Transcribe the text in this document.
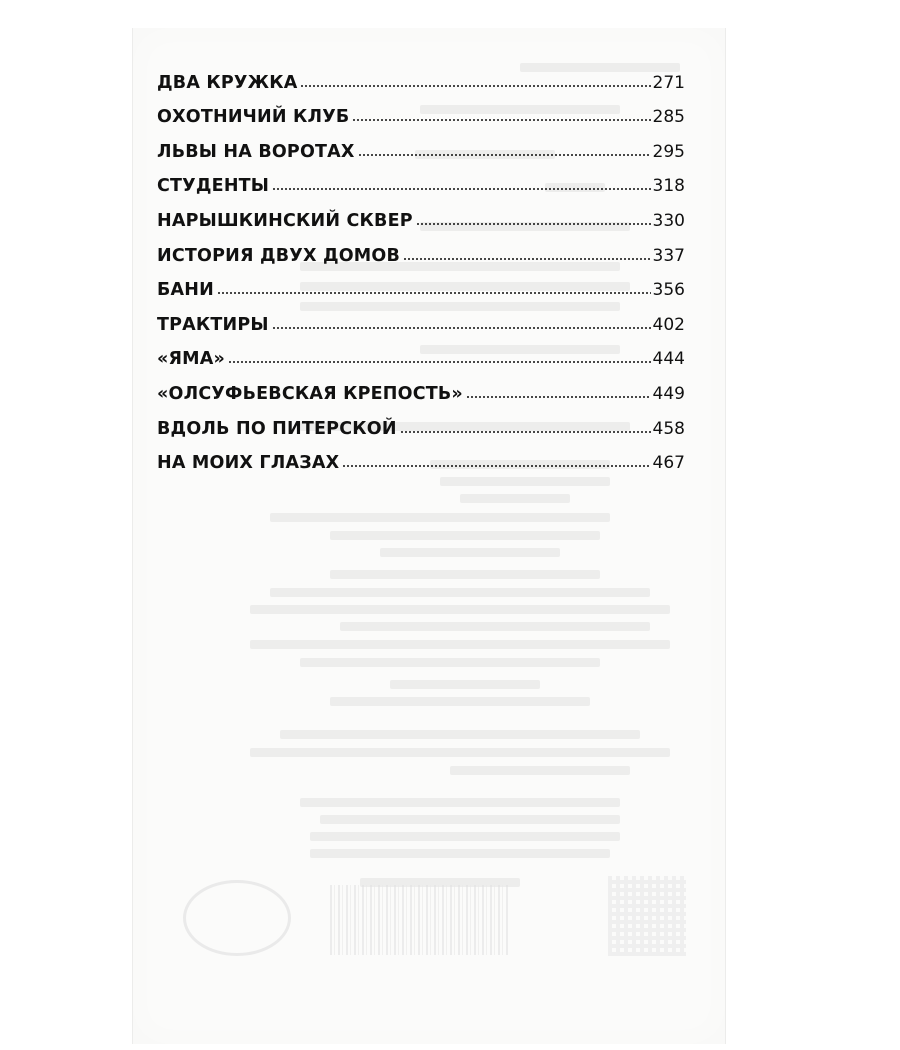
ДВА КРУЖКА	271
ОХОТНИЧИЙ КЛУБ	285
ЛЬВЫ НА ВОРОТАХ	295
СТУДЕНТЫ	318
НАРЫШКИНСКИЙ СКВЕР	330
ИСТОРИЯ ДВУХ ДОМОВ	337
БАНИ	356
ТРАКТИРЫ	402
«ЯМА»	444
«ОЛСУФЬЕВСКАЯ КРЕПОСТЬ»	449
ВДОЛЬ ПО ПИТЕРСКОЙ	458
НА МОИХ ГЛАЗАХ	467
